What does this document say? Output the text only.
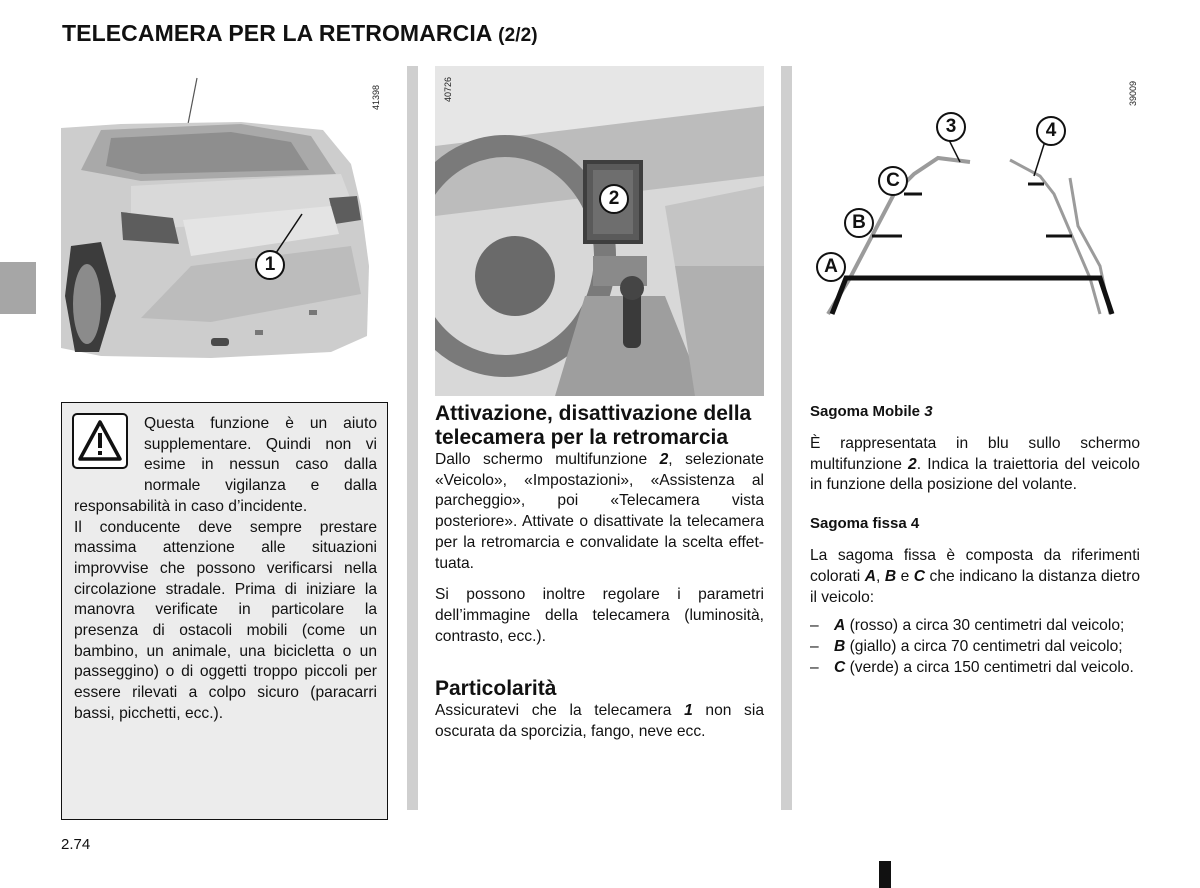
TELECAMERA PER LA RETROMARCIA (2/2)
1
41398
2
40726
3	4
C
B
A
39009

Questa funzione è un aiuto supplementare. Quindi non vi esime in nessun caso dalla normale vigilanza e dalla responsabilità in caso d’incidente.

Il conducente deve sempre prestare massima attenzione alle situazioni improvvise che possono verificarsi nella circolazione stradale. Prima di iniziare la manovra verificate in particolare la presenza di ostacoli mobili (come un bambino, un animale, una bicicletta o un passeggino) o di oggetti troppo piccoli per essere rilevati a colpo sicuro (paracarri bassi, picchetti, ecc.).

Attivazione, disattivazione della telecamera per la retromarcia

Dallo schermo multifunzione 2, selezionate «Veicolo», «Impostazioni», «Assistenza al parcheggio», poi «Telecamera vista posteriore». Attivate o disattivate la telecamera per la retromarcia e convalidate la scelta effettuata.

Si possono inoltre regolare i parametri dell’immagine della telecamera (luminosità, contrasto, ecc.).

Particolarità

Assicuratevi che la telecamera 1 non sia oscurata da sporcizia, fango, neve ecc.

Sagoma Mobile 3

È rappresentata in blu sullo schermo multifunzione 2. Indica la traiettoria del veicolo in funzione della posizione del volante.

Sagoma fissa 4

La sagoma fissa è composta da riferimenti colorati A, B e C che indicano la distanza dietro il veicolo:

– A (rosso) a circa 30 centimetri dal veicolo;
– B (giallo) a circa 70 centimetri dal veicolo;
– C (verde) a circa 150 centimetri dal veicolo.
2.74
